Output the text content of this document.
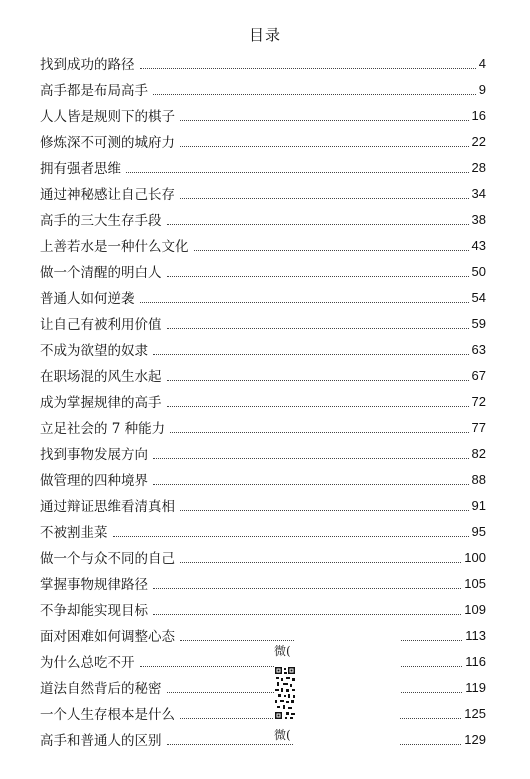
目录
找到成功的路径	4
高手都是布局高手	9
人人皆是规则下的棋子	16
修炼深不可测的城府力	22
拥有强者思维	28
通过神秘感让自己长存	34
高手的三大生存手段	38
上善若水是一种什么文化	43
做一个清醒的明白人	50
普通人如何逆袭	54
让自己有被利用价值	59
不成为欲望的奴隶	63
在职场混的风生水起	67
成为掌握规律的高手	72
立足社会的 7 种能力	77
找到事物发展方向	82
做管理的四种境界	88
通过辩证思维看清真相	91
不被割韭菜	95
做一个与众不同的自己	100
掌握事物规律路径	105
不争却能实现目标	109
面对困难如何调整心态	113
为什么总吃不开	116
道法自然背后的秘密	119
一个人生存根本是什么	125
高手和普通人的区别	129
微(
微(
